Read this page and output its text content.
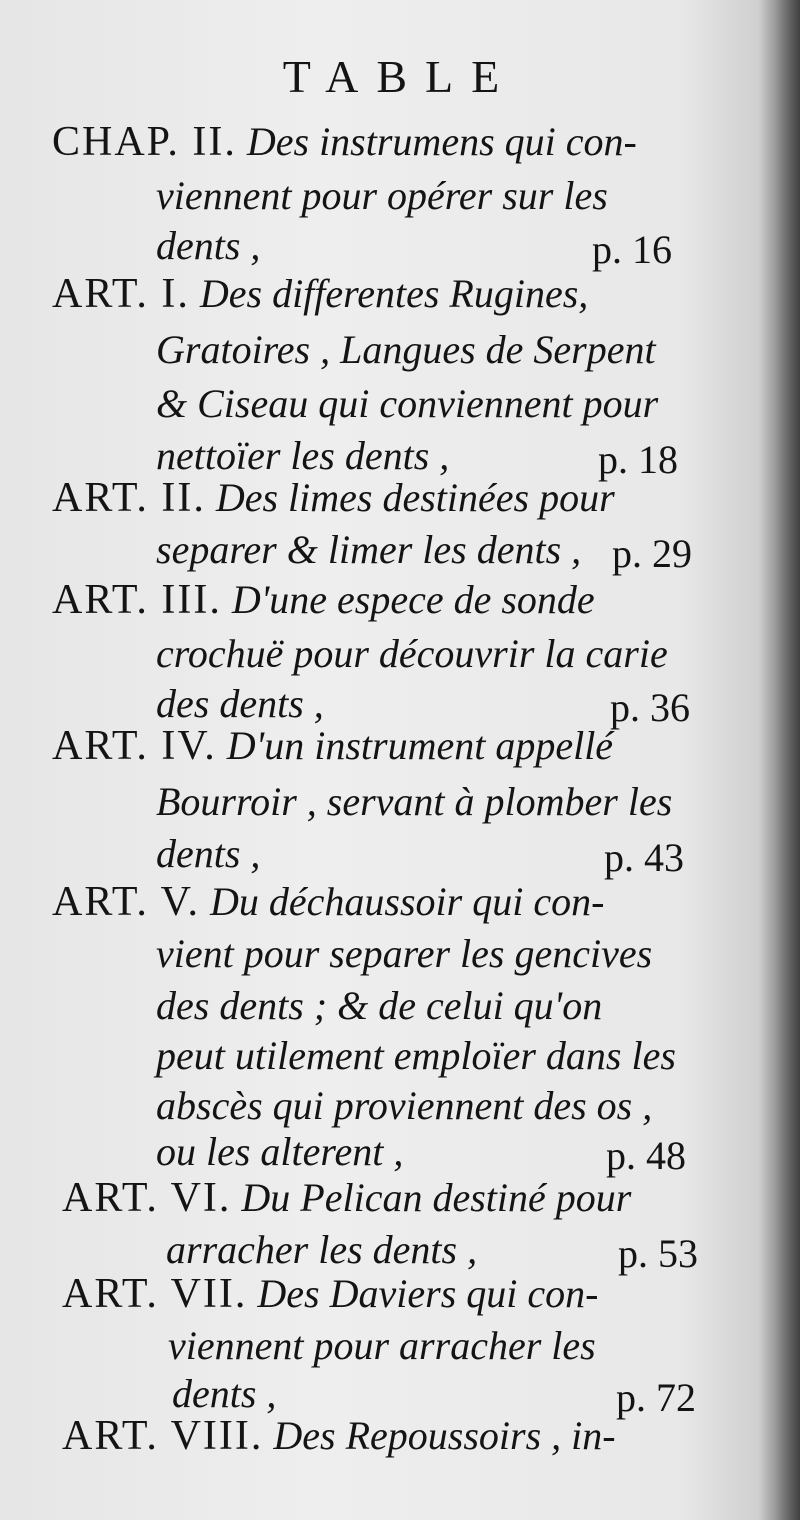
TABLE
CHAP. II. Des instrumens qui con-
viennent pour opérer sur les
dents ,	p. 16
ART. I. Des differentes Rugines,
Gratoires , Langues de Serpent
& Ciseau qui conviennent pour
nettoïer les dents ,	p. 18
ART. II. Des limes destinées pour
separer & limer les dents , p. 29
ART. III. D'une espece de sonde
crochuë pour découvrir la carie
des dents ,	p. 36
ART. IV. D'un instrument appellé
Bourroir , servant à plomber les
dents ,	p. 43
ART. V. Du déchaussoir qui con-
vient pour separer les gencives
des dents ; & de celui qu'on
peut utilement emploïer dans les
abscès qui proviennent des os ,
ou les alterent ,	p. 48
ART. VI. Du Pelican destiné pour
arracher les dents ,	p. 53
ART. VII. Des Daviers qui con-
viennent pour arracher les
dents ,	p. 72
ART. VIII. Des Repoussoirs , in-
